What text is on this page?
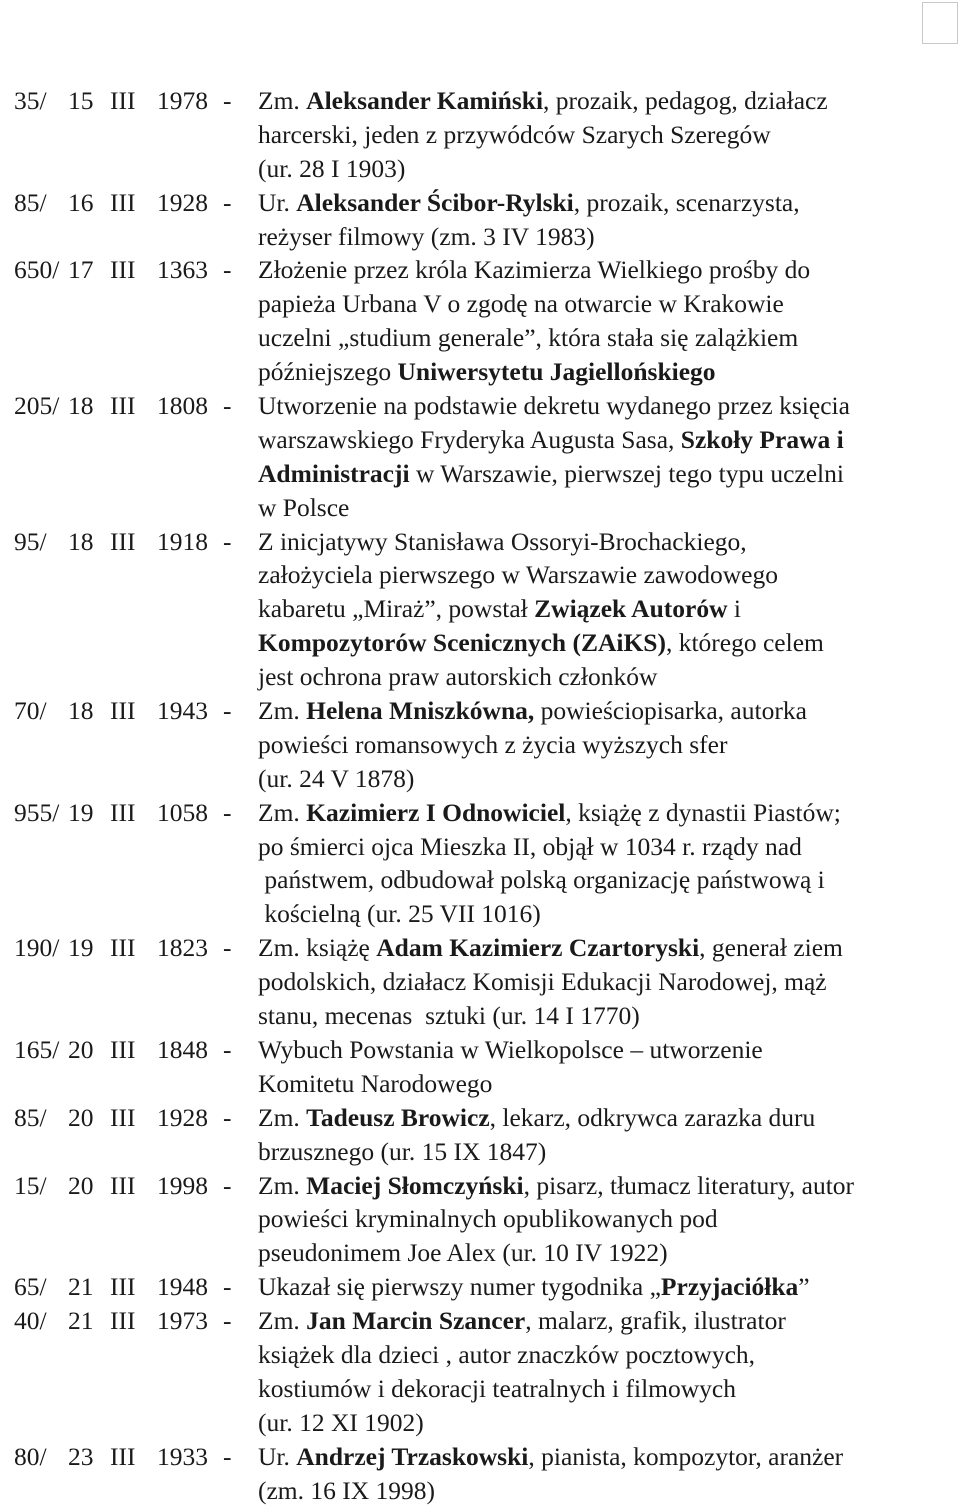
35/ 15 III 1978 - Zm. Aleksander Kamiński, prozaik, pedagog, działacz
harcerski, jeden z przywódców Szarych Szeregów
(ur. 28 I 1903)
85/ 16 III 1928 - Ur. Aleksander Ścibor-Rylski, prozaik, scenarzysta,
reżyser filmowy (zm. 3 IV 1983)
650/ 17 III 1363 - Złożenie przez króla Kazimierza Wielkiego prośby do
papieża Urbana V o zgodę na otwarcie w Krakowie
uczelni „studium generale”, która stała się zalążkiem
późniejszego Uniwersytetu Jagiellońskiego
205/ 18 III 1808 - Utworzenie na podstawie dekretu wydanego przez księcia
warszawskiego Fryderyka Augusta Sasa, Szkoły Prawa i
Administracji w Warszawie, pierwszej tego typu uczelni
w Polsce
95/ 18 III 1918 - Z inicjatywy Stanisława Ossoryi-Brochackiego,
założyciela pierwszego w Warszawie zawodowego
kabaretu „Miraż”, powstał Związek Autorów i
Kompozytorów Scenicznych (ZAiKS), którego celem
jest ochrona praw autorskich członków
70/ 18 III 1943 - Zm. Helena Mniszkówna, powieściopisarka, autorka
powieści romansowych z życia wyższych sfer
(ur. 24 V 1878)
955/ 19 III 1058 - Zm. Kazimierz I Odnowiciel, książę z dynastii Piastów;
po śmierci ojca Mieszka II, objął w 1034 r. rządy nad
państwem, odbudował polską organizację państwową i
kościelną (ur. 25 VII 1016)
190/ 19 III 1823 - Zm. książę Adam Kazimierz Czartoryski, generał ziem
podolskich, działacz Komisji Edukacji Narodowej, mąż
stanu, mecenas  sztuki (ur. 14 I 1770)
165/ 20 III 1848 - Wybuch Powstania w Wielkopolsce – utworzenie
Komitetu Narodowego
85/ 20 III 1928 - Zm. Tadeusz Browicz, lekarz, odkrywca zarazka duru
brzusznego (ur. 15 IX 1847)
15/ 20 III 1998 - Zm. Maciej Słomczyński, pisarz, tłumacz literatury, autor
powieści kryminalnych opublikowanych pod
pseudonimem Joe Alex (ur. 10 IV 1922)
65/ 21 III 1948 - Ukazał się pierwszy numer tygodnika „Przyjaciółka”
40/ 21 III 1973 - Zm. Jan Marcin Szancer, malarz, grafik, ilustrator
książek dla dzieci , autor znaczków pocztowych,
kostiumów i dekoracji teatralnych i filmowych
(ur. 12 XI 1902)
80/ 23 III 1933 - Ur. Andrzej Trzaskowski, pianista, kompozytor, aranżer
(zm. 16 IX 1998)
